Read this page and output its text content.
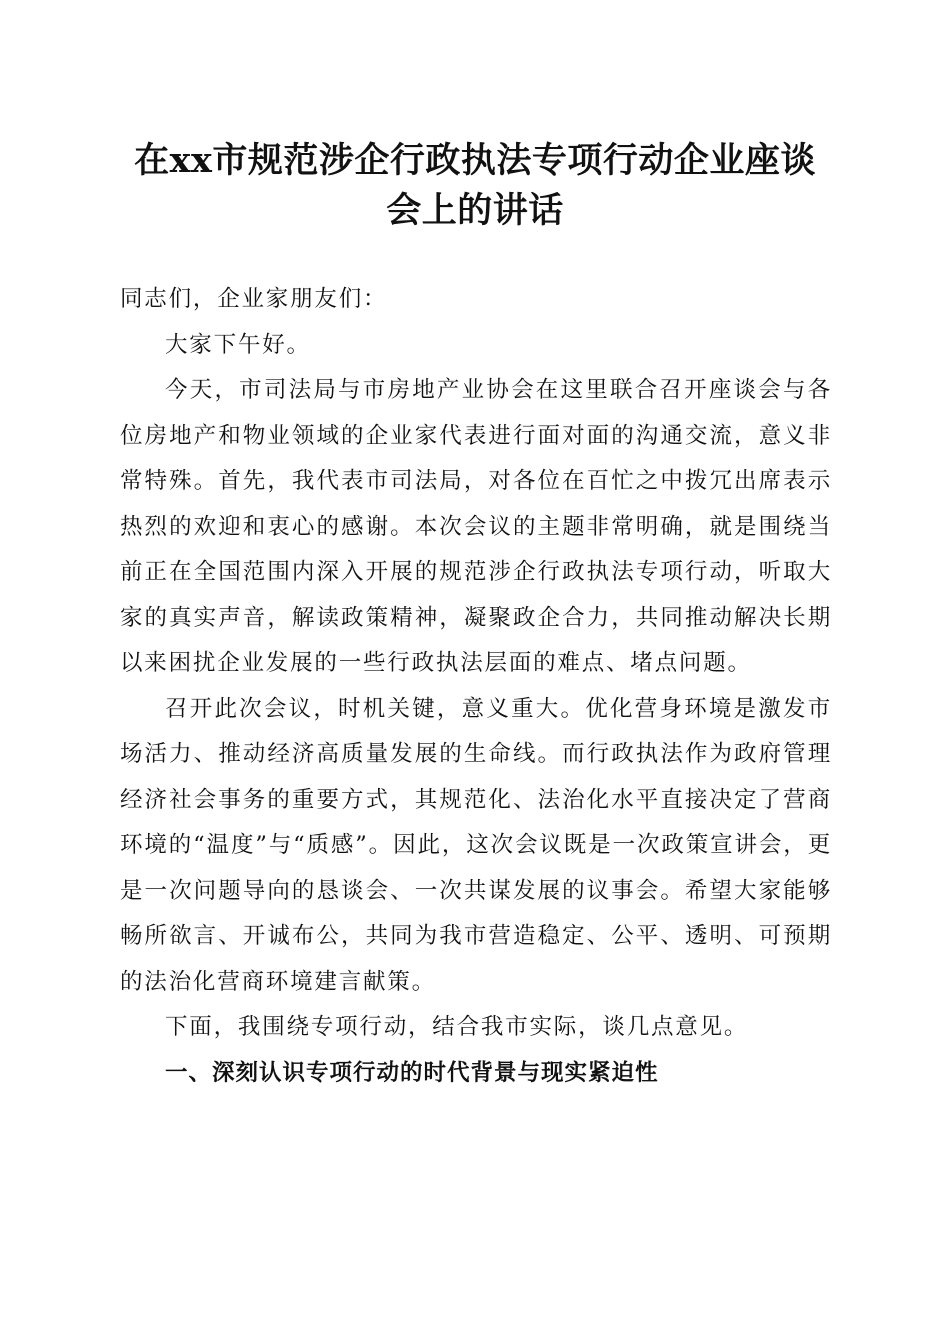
在xx市规范涉企行政执法专项行动企业座谈
会上的讲话

同志们，企业家朋友们：

大家下午好。

今天，市司法局与市房地产业协会在这里联合召开座谈会与各位房地产和物业领域的企业家代表进行面对面的沟通交流，意义非常特殊。首先，我代表市司法局，对各位在百忙之中拨冗出席表示热烈的欢迎和衷心的感谢。本次会议的主题非常明确，就是围绕当前正在全国范围内深入开展的规范涉企行政执法专项行动，听取大家的真实声音，解读政策精神，凝聚政企合力，共同推动解决长期以来困扰企业发展的一些行政执法层面的难点、堵点问题。

召开此次会议，时机关键，意义重大。优化营身环境是激发市场活力、推动经济高质量发展的生命线。而行政执法作为政府管理经济社会事务的重要方式，其规范化、法治化水平直接决定了营商环境的“温度”与“质感”。因此，这次会议既是一次政策宣讲会，更是一次问题导向的恳谈会、一次共谋发展的议事会。希望大家能够畅所欲言、开诚布公，共同为我市营造稳定、公平、透明、可预期的法治化营商环境建言献策。

下面，我围绕专项行动，结合我市实际，谈几点意见。

一、深刻认识专项行动的时代背景与现实紧迫性
